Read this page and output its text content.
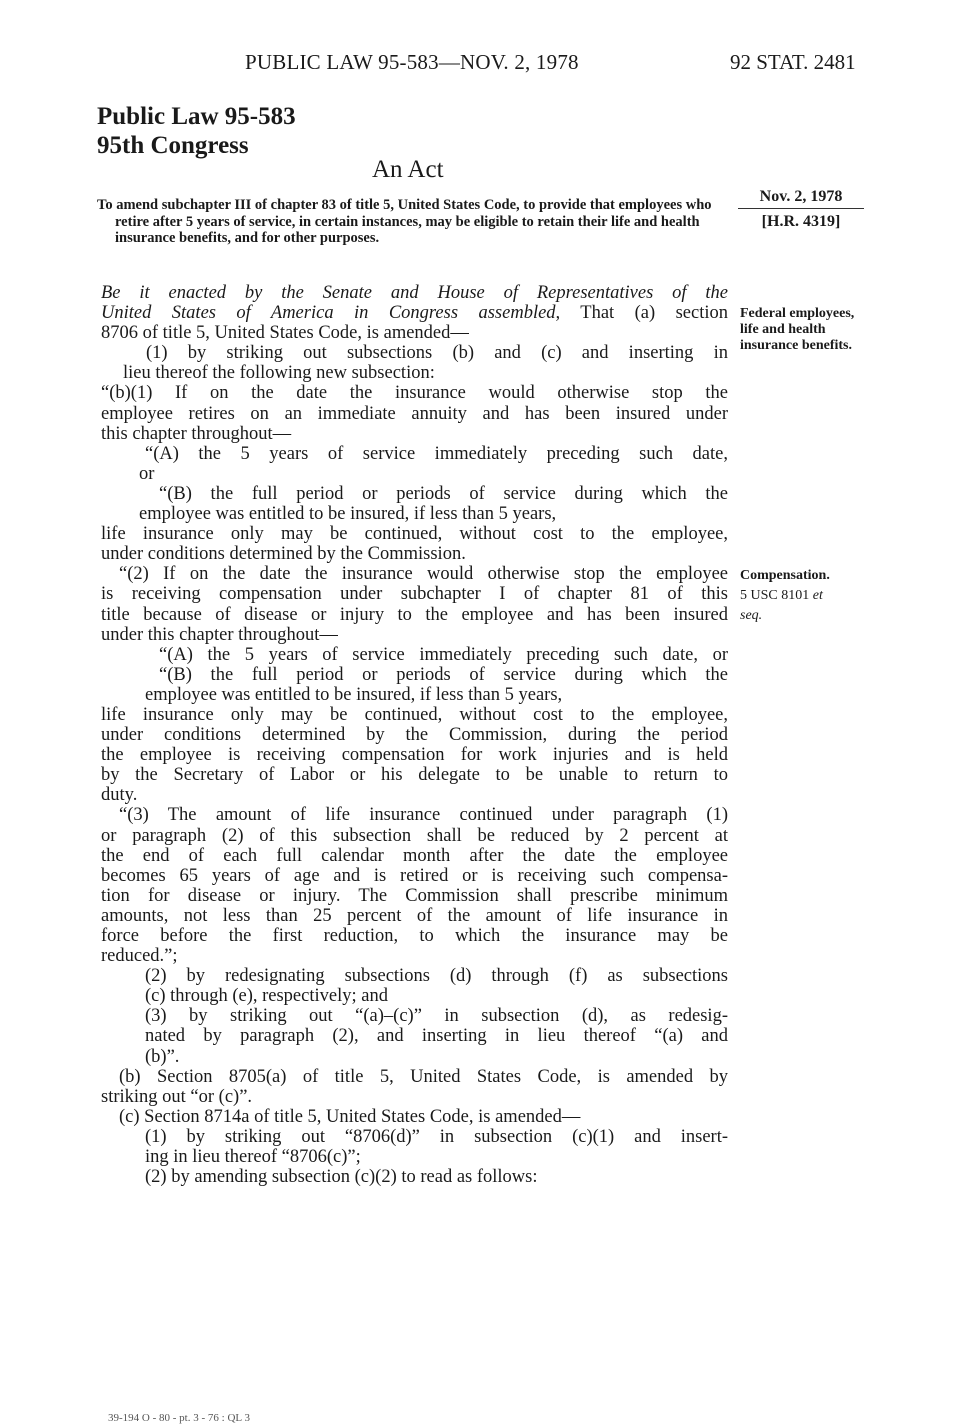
PUBLIC LAW 95-583—NOV. 2, 1978	92 STAT. 2481
Public Law 95-583
95th Congress
An Act

To amend subchapter III of chapter 83 of title 5, United States Code, to provide that employees who retire after 5 years of service, in certain instances, may be eligible to retain their life and health insurance benefits, and for other purposes.

Nov. 2, 1978
[H.R. 4319]
Federal employees, life and health insurance benefits.
Compensation.
5 USC 8101 et
seq.
Be it enacted by the Senate and House of Representatives of the
United States of America in Congress assembled, That (a) section
8706 of title 5, United States Code, is amended—
(1) by striking out subsections (b) and (c) and inserting in
lieu thereof the following new subsection:
“(b)(1) If on the date the insurance would otherwise stop the
employee retires on an immediate annuity and has been insured under
this chapter throughout—
“(A) the 5 years of service immediately preceding such date,
or
“(B) the full period or periods of service during which the
employee was entitled to be insured, if less than 5 years,
life insurance only may be continued, without cost to the employee,
under conditions determined by the Commission.
“(2) If on the date the insurance would otherwise stop the employee
is receiving compensation under subchapter I of chapter 81 of this
title because of disease or injury to the employee and has been insured
under this chapter throughout—
“(A) the 5 years of service immediately preceding such date, or
“(B) the full period or periods of service during which the
employee was entitled to be insured, if less than 5 years,
life insurance only may be continued, without cost to the employee,
under conditions determined by the Commission, during the period
the employee is receiving compensation for work injuries and is held
by the Secretary of Labor or his delegate to be unable to return to
duty.
“(3) The amount of life insurance continued under paragraph (1)
or paragraph (2) of this subsection shall be reduced by 2 percent at
the end of each full calendar month after the date the employee
becomes 65 years of age and is retired or is receiving such compensa-
tion for disease or injury. The Commission shall prescribe minimum
amounts, not less than 25 percent of the amount of life insurance in
force before the first reduction, to which the insurance may be
reduced.”;
(2) by redesignating subsections (d) through (f) as subsections
(c) through (e), respectively; and
(3) by striking out “(a)–(c)” in subsection (d), as redesig-
nated by paragraph (2), and inserting in lieu thereof “(a) and
(b)”.
(b) Section 8705(a) of title 5, United States Code, is amended by
striking out “or (c)”.
(c) Section 8714a of title 5, United States Code, is amended—
(1) by striking out “8706(d)” in subsection (c)(1) and insert-
ing in lieu thereof “8706(c)”;
(2) by amending subsection (c)(2) to read as follows:
39-194 O - 80 - pt. 3 - 76 : QL 3
